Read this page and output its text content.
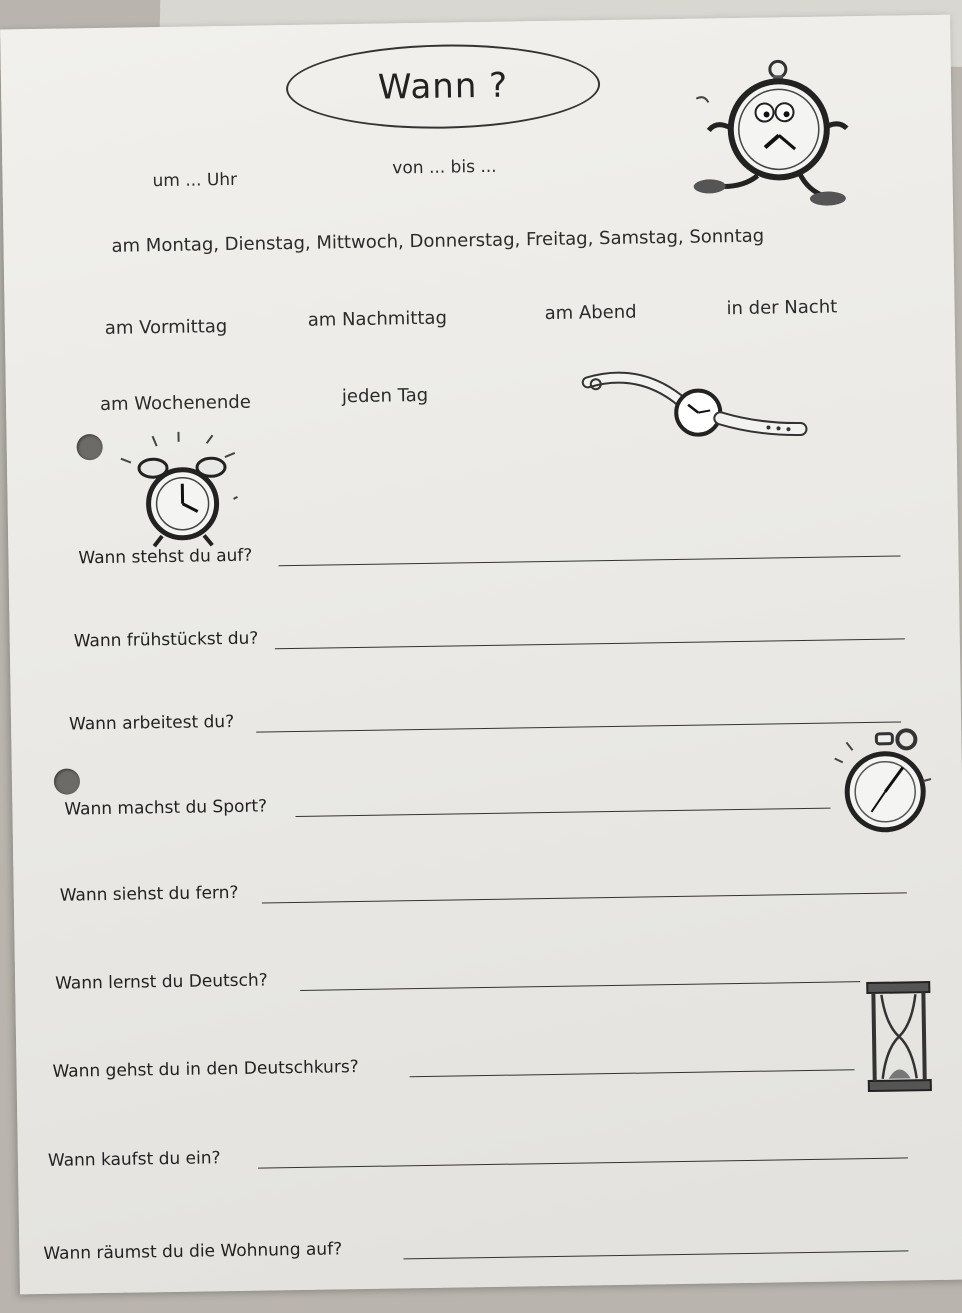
Wann ?
um ... Uhr
von ... bis ...
am Montag, Dienstag, Mittwoch, Donnerstag, Freitag, Samstag, Sonntag
am Vormittag	am Nachmittag	am Abend	in der Nacht
am Wochenende	jeden Tag
Wann stehst du auf?
Wann frühstückst du?
Wann arbeitest du?
Wann machst du Sport?
Wann siehst du fern?
Wann lernst du Deutsch?
Wann gehst du in den Deutschkurs?
Wann kaufst du ein?
Wann räumst du die Wohnung auf?
